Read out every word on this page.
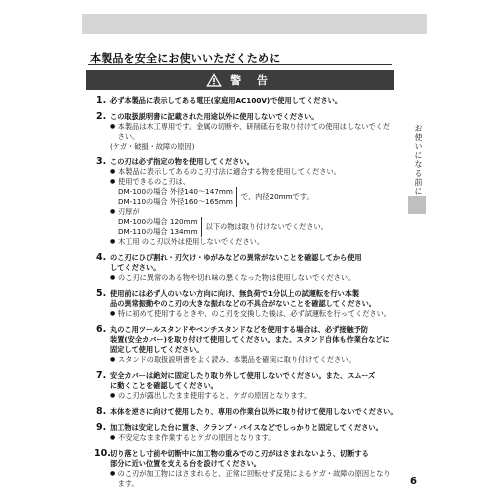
本製品を安全にお使いいただくために
警 告
1. 必ず本製品に表示してある電圧(家庭用AC100V)で使用してください。
2. この取扱説明書に記載された用途以外に使用しないでください。
● 本製品は木工専用です。金属の切断や、研削砥石を取り付けての使用はしないでください。
(ケガ・破損・故障の原因)
3. この刃は必ず指定の物を使用してください。
● 本製品に表示してあるのこ刃寸法に適合する物を使用してください。
● 使用できるのこ刃は、
DM-100の場合 外径140～147mm
DM-110の場合 外径160～165mm
で、内径20mmです。
● 刃厚が
DM-100の場合 120mm
DM-110の場合 134mm
以下の物は取り付けないでください。
● 木工用 のこ刃以外は使用しないでください。
4. のこ刃にひび割れ・刃欠け・ゆがみなどの異常がないことを確認してから使用
してください。
● のこ刃に異常のある物や切れ味の悪くなった物は使用しないでください。
5. 使用前には必ず人のいない方向に向け、無負荷で1分以上の試運転を行い本製
品の異常振動やのこ刃の大きな振れなどの不具合がないことを確認してください。
● 特に初めて使用するときや、のこ刃を交換した後は、必ず試運転を行ってください。
6. 丸のこ用ツールスタンドやベンチスタンドなどを使用する場合は、必ず接触予防
装置(安全カバー)を取り付けて使用してください。また、スタンド自体も作業台などに
固定して使用してください。
● スタンドの取扱説明書をよく読み、本製品を確実に取り付けてください。
7. 安全カバーは絶対に固定したり取り外して使用しないでください。また、スムーズ
に動くことを確認してください。
● のこ刃が露出したまま使用すると、ケガの原因となります。
8. 本体を逆さに向けて使用したり、専用の作業台以外に取り付けて使用しないでください。
9. 加工物は安定した台に置き、クランプ・バイスなどでしっかりと固定してください。
● 不安定なまま作業するとケガの原因となります。
10. 切り落とし寸前や切断中に加工物の重みでのこ刃がはさまれないよう、切断する
部分に近い位置を支える台を設けてください。
● のこ刃が加工物にはさまれると、正常に回転せず反発によるケガ・故障の原因となります。
お使いになる前に
6
